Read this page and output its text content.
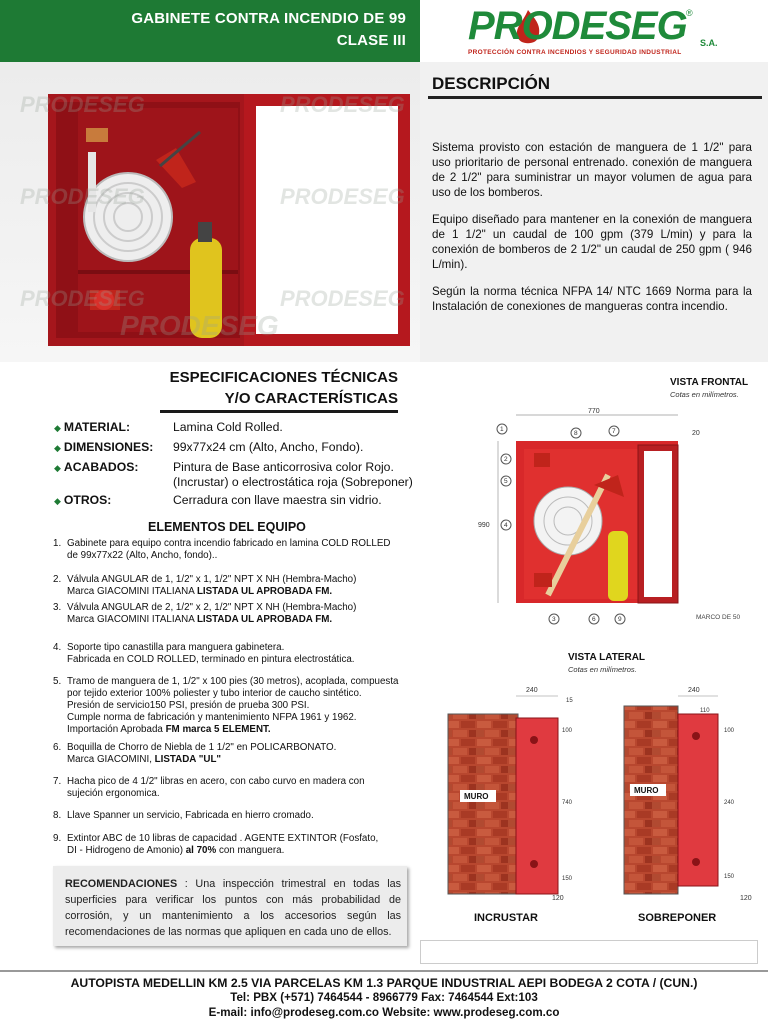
GABINETE CONTRA INCENDIO DE 99
CLASE III PRODESEG ®
S.A.
PROTECCIÓN CONTRA INCENDIOS Y SEGURIDAD INDUSTRIAL
PRODESEG	PRODESEG
PRODESEG	PRODESEG
PRODESEG	PRODESEG
PRODESEG
DESCRIPCIÓN
Sistema provisto con estación de manguera de 1 1/2" para uso prioritario de personal entrenado. conexión de manguera de 2 1/2" para suministrar un mayor volumen de agua para uso de los bomberos.
Equipo diseñado para mantener en la conexión de manguera de 1 1/2" un caudal de 100 gpm (379 L/min) y para la conexión de bomberos de 2 1/2" un caudal de 250 gpm ( 946 L/min).
Según la norma técnica NFPA 14/ NTC 1669 Norma para la Instalación de conexiones de mangueras contra incendio.
ESPECIFICACIONES TÉCNICAS
Y/O CARACTERÍSTICAS
◆ MATERIAL:	Lamina Cold Rolled.
◆ DIMENSIONES: 99x77x24 cm (Alto, Ancho, Fondo).
◆ ACABADOS:	Pintura de Base anticorrosiva color Rojo.
(Incrustar) o electrostática roja (Sobreponer)
◆ OTROS:	Cerradura con llave maestra sin vidrio.
ELEMENTOS DEL EQUIPO
1. Gabinete para equipo contra incendio fabricado en lamina COLD ROLLED
de 99x77x22 (Alto, Ancho, fondo)..
2. Válvula ANGULAR de 1, 1/2" x 1, 1/2" NPT X NH (Hembra-Macho)
Marca GIACOMINI ITALIANA LISTADA UL APROBADA FM.
3. Válvula ANGULAR de 2, 1/2" x 2, 1/2" NPT X NH (Hembra-Macho)
Marca GIACOMINI ITALIANA LISTADA UL APROBADA FM.
4. Soporte tipo canastilla para manguera gabinetera.
Fabricada en COLD ROLLED, terminado en pintura electrostática.
5. Tramo de manguera de 1, 1/2" x 100 pies (30 metros), acoplada, compuesta
por tejido exterior 100% poliester y tubo interior de caucho sintético.
Presión de servicio150 PSI, presión de prueba 300 PSI.
Cumple norma de fabricación y mantenimiento NFPA 1961 y 1962.
Importación Aprobada FM marca 5 ELEMENT.
6. Boquilla de Chorro de Niebla de 1 1/2" en POLICARBONATO.
Marca GIACOMINI, LISTADA "UL"
7. Hacha pico de 4 1/2" libras en acero, con cabo curvo en madera con
sujeción ergonomica.
8. Llave Spanner un servicio, Fabricada en hierro cromado.
9. Extintor ABC de 10 libras de capacidad . AGENTE EXTINTOR (Fosfato,
DI - Hidrogeno de Amonio) al 70% con manguera.
RECOMENDACIONES : Una inspección trimestral en todas las superficies para verificar los puntos con más probabilidad de corrosión, y un mantenimiento a los accesorios según las recomendaciones de las normas que apliquen en cada uno de ellos.
VISTA FRONTAL
Cotas en milímetros.
770
990
20
MARCO DE 50
1
2
3
4
5
8	7
6	9
VISTA LATERAL
Cotas en milímetros.
MURO
240
15
100
740
150
120
INCRUSTAR
MURO
240
110
100
240
150
120
SOBREPONER
AUTOPISTA MEDELLIN KM 2.5 VIA PARCELAS KM 1.3 PARQUE INDUSTRIAL AEPI BODEGA 2 COTA / (CUN.)
Tel: PBX (+571) 7464544 - 8966779 Fax: 7464544 Ext:103
E-mail: info@prodeseg.com.co Website: www.prodeseg.com.co
